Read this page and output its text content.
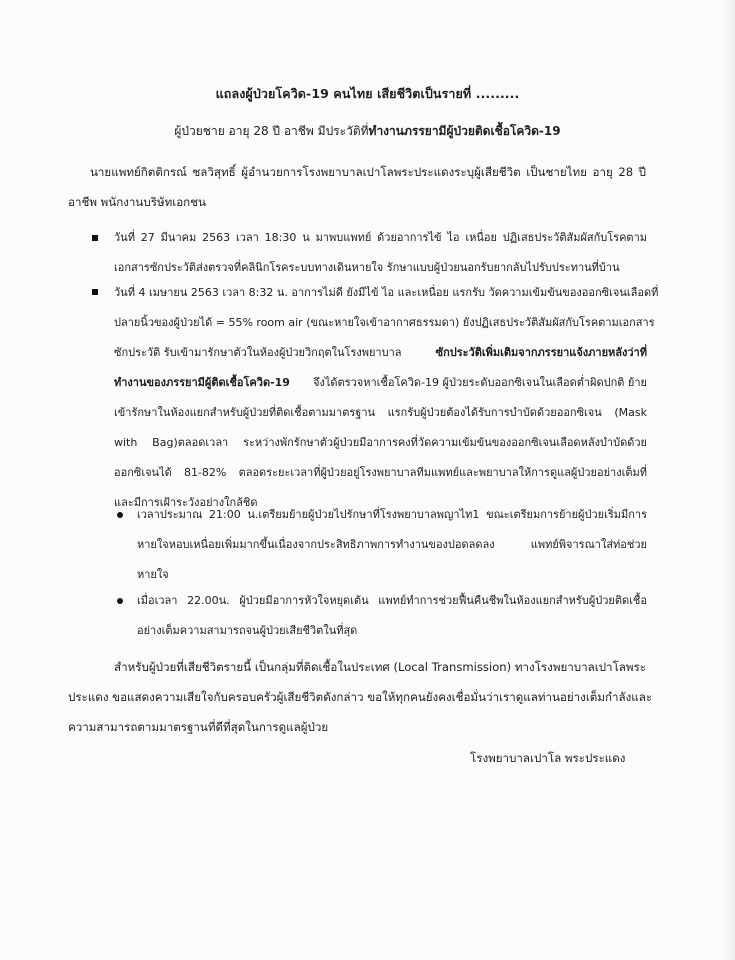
แถลงผู้ป่วยโควิด-19 คนไทย เสียชีวิตเป็นรายที่ .........
ผู้ป่วยชาย อายุ 28 ปี อาชีพ มีประวัติที่ทำงานภรรยามีผู้ป่วยติดเชื้อโควิด-19
นายแพทย์กิตติกรณ์ ชลวิสุทธิ์ ผู้อำนวยการโรงพยาบาลเปาโลพระประแดงระบุผู้เสียชีวิต เป็นชายไทย อายุ 28 ปี
อาชีพ พนักงานบริษัทเอกชน
วันที่ 27 มีนาคม 2563 เวลา 18:30 น มาพบแพทย์ ด้วยอาการไข้ ไอ เหนื่อย ปฏิเสธประวัติสัมผัสกับโรคตาม
เอกสารซักประวัติส่งตรวจที่คลินิกโรคระบบทางเดินหายใจ รักษาแบบผู้ป่วยนอกรับยากลับไปรับประทานที่บ้าน
วันที่ 4 เมษายน 2563 เวลา 8:32 น. อาการไม่ดี ยังมีไข้ ไอ และเหนื่อย แรกรับ วัดความเข้มข้นของออกซิเจนเลือดที่
ปลายนิ้วของผู้ป่วยได้ = 55% room air (ขณะหายใจเข้าอากาศธรรมดา) ยังปฏิเสธประวัติสัมผัสกับโรคตามเอกสาร
ซักประวัติ รับเข้ามารักษาตัวในห้องผู้ป่วยวิกฤตในโรงพยาบาล	ซักประวัติเพิ่มเติมจากภรรยาแจ้งภายหลังว่าที่
ทำงานของภรรยามีผู้ติดเชื้อโควิด-19 จึงได้ตรวจหาเชื้อโควิด-19 ผู้ป่วยระดับออกซิเจนในเลือดต่ำผิดปกติ ย้าย
เข้ารักษาในห้องแยกสำหรับผู้ป่วยที่ติดเชื้อตามมาตรฐาน แรกรับผู้ป่วยต้องได้รับการบำบัดด้วยออกซิเจน (Mask
with Bag)ตลอดเวลา ระหว่างพักรักษาตัวผู้ป่วยมีอาการคงที่วัดความเข้มข้นของออกซิเจนเลือดหลังบำบัดด้วย
ออกซิเจนได้ 81-82% ตลอดระยะเวลาที่ผู้ป่วยอยู่โรงพยาบาลทีมแพทย์และพยาบาลให้การดูแลผู้ป่วยอย่างเต็มที่
และมีการเฝ้าระวังอย่างใกล้ชิด
เวลาประมาณ 21:00 น.เตรียมย้ายผู้ป่วยไปรักษาที่โรงพยาบาลพญาไท1 ขณะเตรียมการย้ายผู้ป่วยเริ่มมีการ
หายใจหอบเหนื่อยเพิ่มมากขึ้นเนื่องจากประสิทธิภาพการทำงานของปอดลดลง แพทย์พิจารณาใส่ท่อช่วย
หายใจ
เมื่อเวลา 22.00น. ผู้ป่วยมีอาการหัวใจหยุดเต้น แพทย์ทำการช่วยฟื้นคืนชีพในห้องแยกสำหรับผู้ป่วยติดเชื้อ
อย่างเต็มความสามารถจนผู้ป่วยเสียชีวิตในที่สุด
สำหรับผู้ป่วยที่เสียชีวิตรายนี้ เป็นกลุ่มที่ติดเชื้อในประเทศ (Local Transmission) ทางโรงพยาบาลเปาโลพระ
ประแดง ขอแสดงความเสียใจกับครอบครัวผู้เสียชีวิตดังกล่าว ขอให้ทุกคนยังคงเชื่อมั่นว่าเราดูแลท่านอย่างเต็มกำลังและ
ความสามารถตามมาตรฐานที่ดีที่สุดในการดูแลผู้ป่วย
โรงพยาบาลเปาโล พระประแดง
